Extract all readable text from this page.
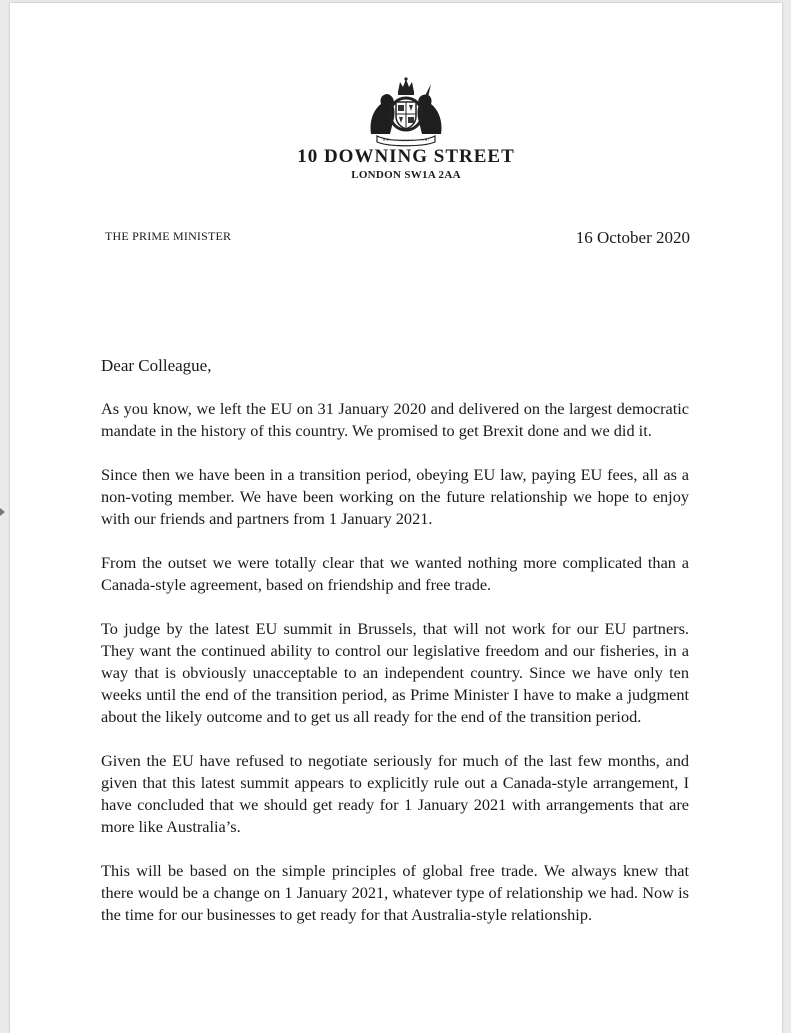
10 DOWNING STREET
LONDON SW1A 2AA
THE PRIME MINISTER	16 October 2020
Dear Colleague,

As you know, we left the EU on 31 January 2020 and delivered on the largest democratic mandate in the history of this country. We promised to get Brexit done and we did it.

Since then we have been in a transition period, obeying EU law, paying EU fees, all as a non-voting member. We have been working on the future relationship we hope to enjoy with our friends and partners from 1 January 2021.

From the outset we were totally clear that we wanted nothing more complicated than a Canada-style agreement, based on friendship and free trade.

To judge by the latest EU summit in Brussels, that will not work for our EU partners. They want the continued ability to control our legislative freedom and our fisheries, in a way that is obviously unacceptable to an independent country. Since we have only ten weeks until the end of the transition period, as Prime Minister I have to make a judgment about the likely outcome and to get us all ready for the end of the transition period.

Given the EU have refused to negotiate seriously for much of the last few months, and given that this latest summit appears to explicitly rule out a Canada-style arrangement, I have concluded that we should get ready for 1 January 2021 with arrangements that are more like Australia’s.

This will be based on the simple principles of global free trade. We always knew that there would be a change on 1 January 2021, whatever type of relationship we had. Now is the time for our businesses to get ready for that Australia-style relationship.
